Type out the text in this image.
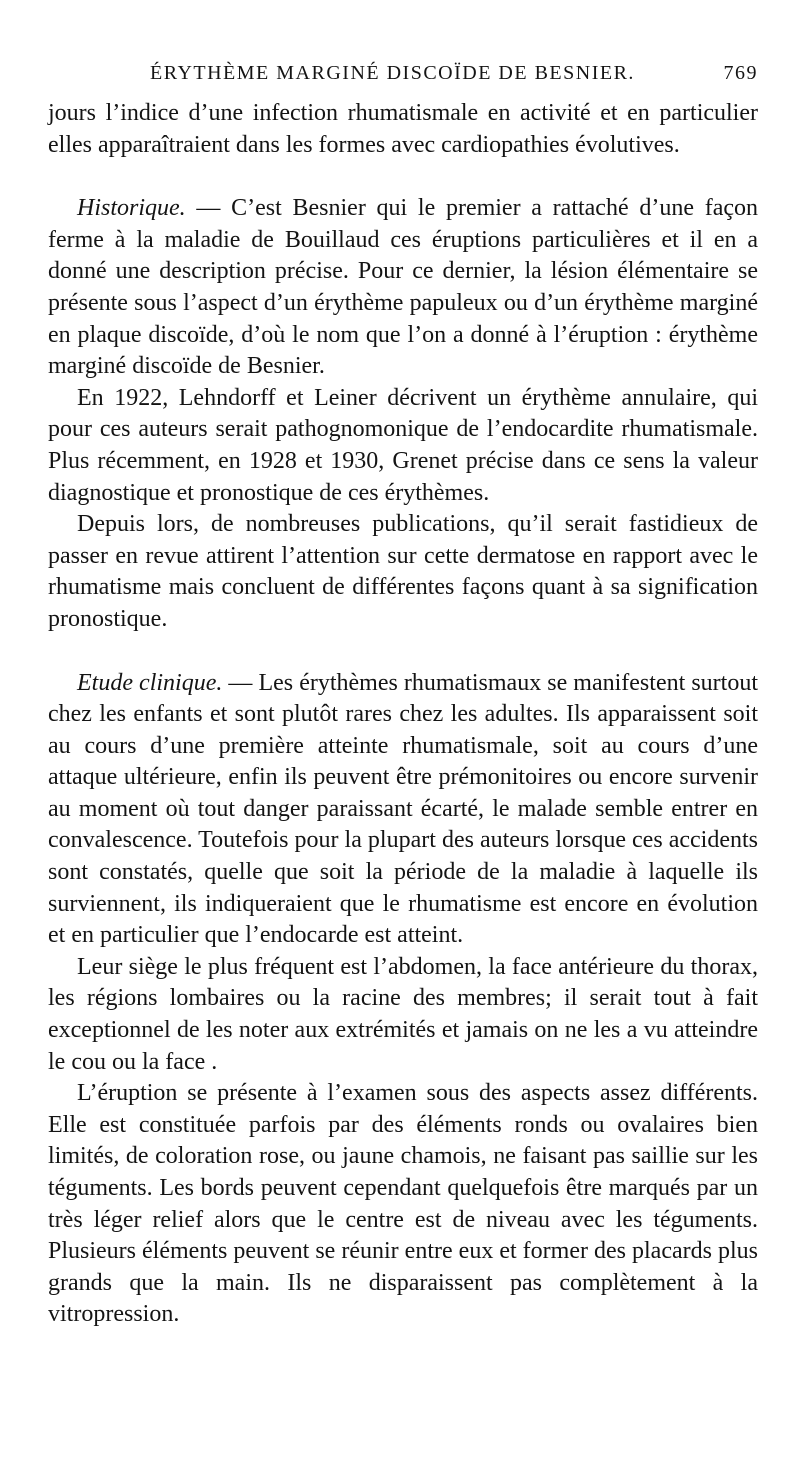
ÉRYTHÈME MARGINÉ DISCOÏDE DE BESNIER.	769

jours l’indice d’une infection rhumatismale en activité et en particulier elles apparaîtraient dans les formes avec cardiopathies évolutives.

Historique. — C’est Besnier qui le premier a rattaché d’une façon ferme à la maladie de Bouillaud ces éruptions particulières et il en a donné une description précise. Pour ce dernier, la lésion élémentaire se présente sous l’aspect d’un érythème papuleux ou d’un érythème marginé en plaque discoïde, d’où le nom que l’on a donné à l’éruption : érythème marginé discoïde de Besnier.

En 1922, Lehndorff et Leiner décrivent un érythème annulaire, qui pour ces auteurs serait pathognomonique de l’endocardite rhumatismale. Plus récemment, en 1928 et 1930, Grenet précise dans ce sens la valeur diagnostique et pronostique de ces érythèmes.

Depuis lors, de nombreuses publications, qu’il serait fastidieux de passer en revue attirent l’attention sur cette dermatose en rapport avec le rhumatisme mais concluent de différentes façons quant à sa signification pronostique.

Etude clinique. — Les érythèmes rhumatismaux se manifestent surtout chez les enfants et sont plutôt rares chez les adultes. Ils apparaissent soit au cours d’une première atteinte rhumatismale, soit au cours d’une attaque ultérieure, enfin ils peuvent être prémonitoires ou encore survenir au moment où tout danger paraissant écarté, le malade semble entrer en convalescence. Toutefois pour la plupart des auteurs lorsque ces accidents sont constatés, quelle que soit la période de la maladie à laquelle ils surviennent, ils indiqueraient que le rhumatisme est encore en évolution et en particulier que l’endocarde est atteint.

Leur siège le plus fréquent est l’abdomen, la face antérieure du thorax, les régions lombaires ou la racine des membres; il serait tout à fait exceptionnel de les noter aux extrémités et jamais on ne les a vu atteindre le cou ou la face .

L’éruption se présente à l’examen sous des aspects assez différents. Elle est constituée parfois par des éléments ronds ou ovalaires bien limités, de coloration rose, ou jaune chamois, ne faisant pas saillie sur les téguments. Les bords peuvent cependant quelquefois être marqués par un très léger relief alors que le centre est de niveau avec les téguments. Plusieurs éléments peuvent se réunir entre eux et former des placards plus grands que la main. Ils ne disparaissent pas complètement à la vitropression.
